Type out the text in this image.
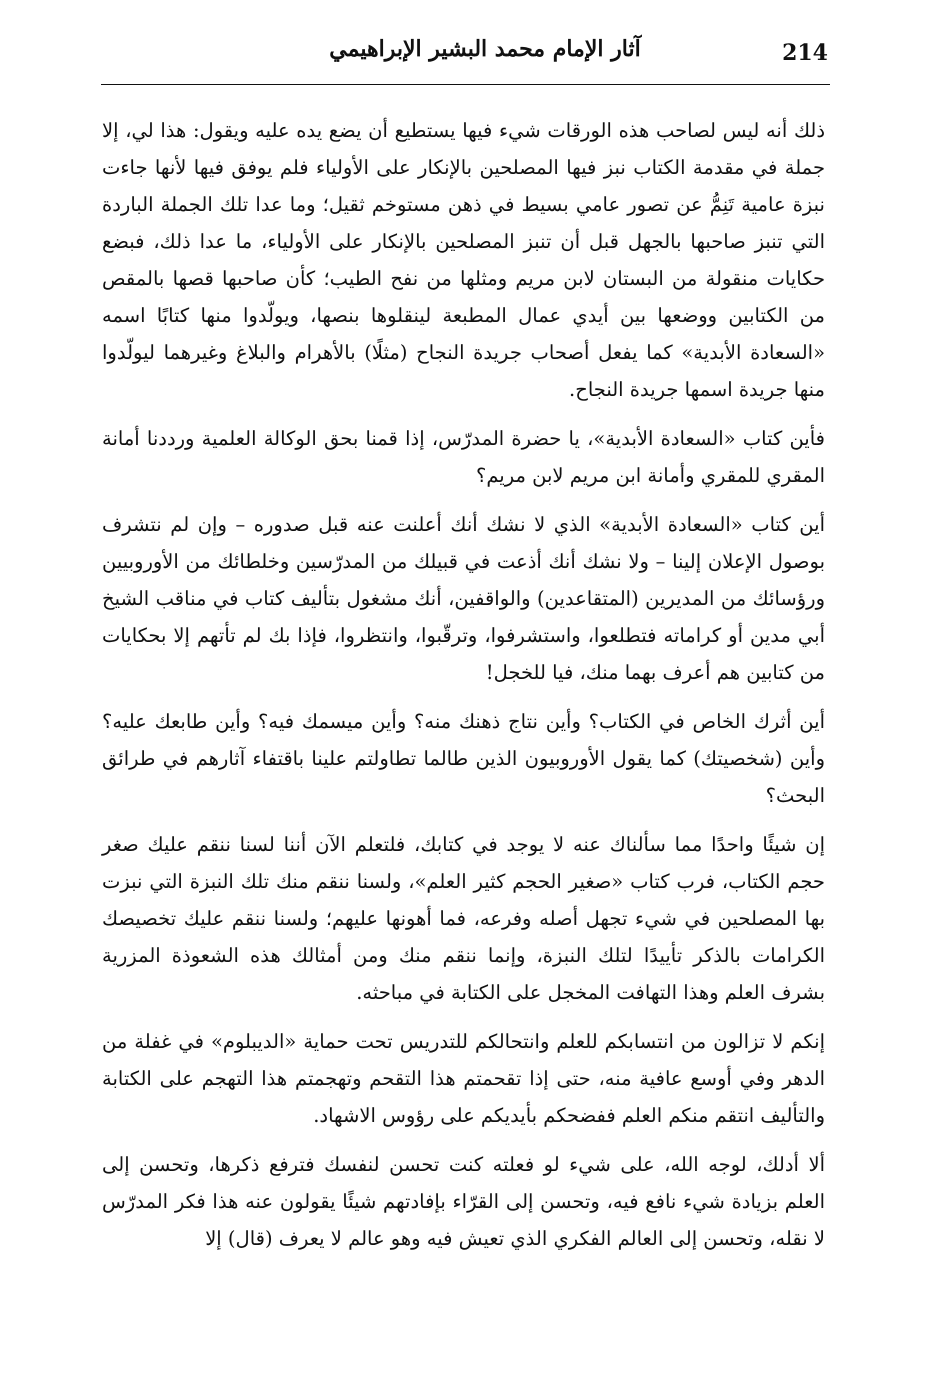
214
آثار الإمام محمد البشير الإبراهيمي

ذلك أنه ليس لصاحب هذه الورقات شيء فيها يستطيع أن يضع يده عليه ويقول: هذا لي، إلا جملة في مقدمة الكتاب نبز فيها المصلحين بالإنكار على الأولياء فلم يوفق فيها لأنها جاءت نبزة عامية تَنِمُّ عن تصور عامي بسيط في ذهن مستوخم ثقيل؛ وما عدا تلك الجملة الباردة التي تنبز صاحبها بالجهل قبل أن تنبز المصلحين بالإنكار على الأولياء، ما عدا ذلك، فبضع حكايات منقولة من البستان لابن مريم ومثلها من نفح الطيب؛ كأن صاحبها قصها بالمقص من الكتابين ووضعها بين أيدي عمال المطبعة لينقلوها بنصها، ويولّدوا منها كتابًا اسمه «السعادة الأبدية» كما يفعل أصحاب جريدة النجاح (مثلًا) بالأهرام والبلاغ وغيرهما ليولّدوا منها جريدة اسمها جريدة النجاح.

فأين كتاب «السعادة الأبدية»، يا حضرة المدرّس، إذا قمنا بحق الوكالة العلمية ورددنا أمانة المقري للمقري وأمانة ابن مريم لابن مريم؟

أين كتاب «السعادة الأبدية» الذي لا نشك أنك أعلنت عنه قبل صدوره – وإن لم نتشرف بوصول الإعلان إلينا – ولا نشك أنك أذعت في قبيلك من المدرّسين وخلطائك من الأوروبيين ورؤسائك من المديرين (المتقاعدين) والواقفين، أنك مشغول بتأليف كتاب في مناقب الشيخ أبي مدين أو كراماته فتطلعوا، واستشرفوا، وترقّبوا، وانتظروا، فإذا بك لم تأتهم إلا بحكايات من كتابين هم أعرف بهما منك، فيا للخجل!

أين أثرك الخاص في الكتاب؟ وأين نتاج ذهنك منه؟ وأين ميسمك فيه؟ وأين طابعك عليه؟ وأين (شخصيتك) كما يقول الأوروبيون الذين طالما تطاولتم علينا باقتفاء آثارهم في طرائق البحث؟

إن شيئًا واحدًا مما سألناك عنه لا يوجد في كتابك، فلتعلم الآن أننا لسنا ننقم عليك صغر حجم الكتاب، فرب كتاب «صغير الحجم كثير العلم»، ولسنا ننقم منك تلك النبزة التي نبزت بها المصلحين في شيء تجهل أصله وفرعه، فما أهونها عليهم؛ ولسنا ننقم عليك تخصيصك الكرامات بالذكر تأييدًا لتلك النبزة، وإنما ننقم منك ومن أمثالك هذه الشعوذة المزرية بشرف العلم وهذا التهافت المخجل على الكتابة في مباحثه.

إنكم لا تزالون من انتسابكم للعلم وانتحالكم للتدريس تحت حماية «الديبلوم» في غفلة من الدهر وفي أوسع عافية منه، حتى إذا تقحمتم هذا التقحم وتهجمتم هذا التهجم على الكتابة والتأليف انتقم منكم العلم ففضحكم بأيديكم على رؤوس الاشهاد.

ألا أدلك، لوجه الله، على شيء لو فعلته كنت تحسن لنفسك فترفع ذكرها، وتحسن إلى العلم بزيادة شيء نافع فيه، وتحسن إلى القرّاء بإفادتهم شيئًا يقولون عنه هذا فكر المدرّس لا نقله، وتحسن إلى العالم الفكري الذي تعيش فيه وهو عالم لا يعرف (قال) إلا
